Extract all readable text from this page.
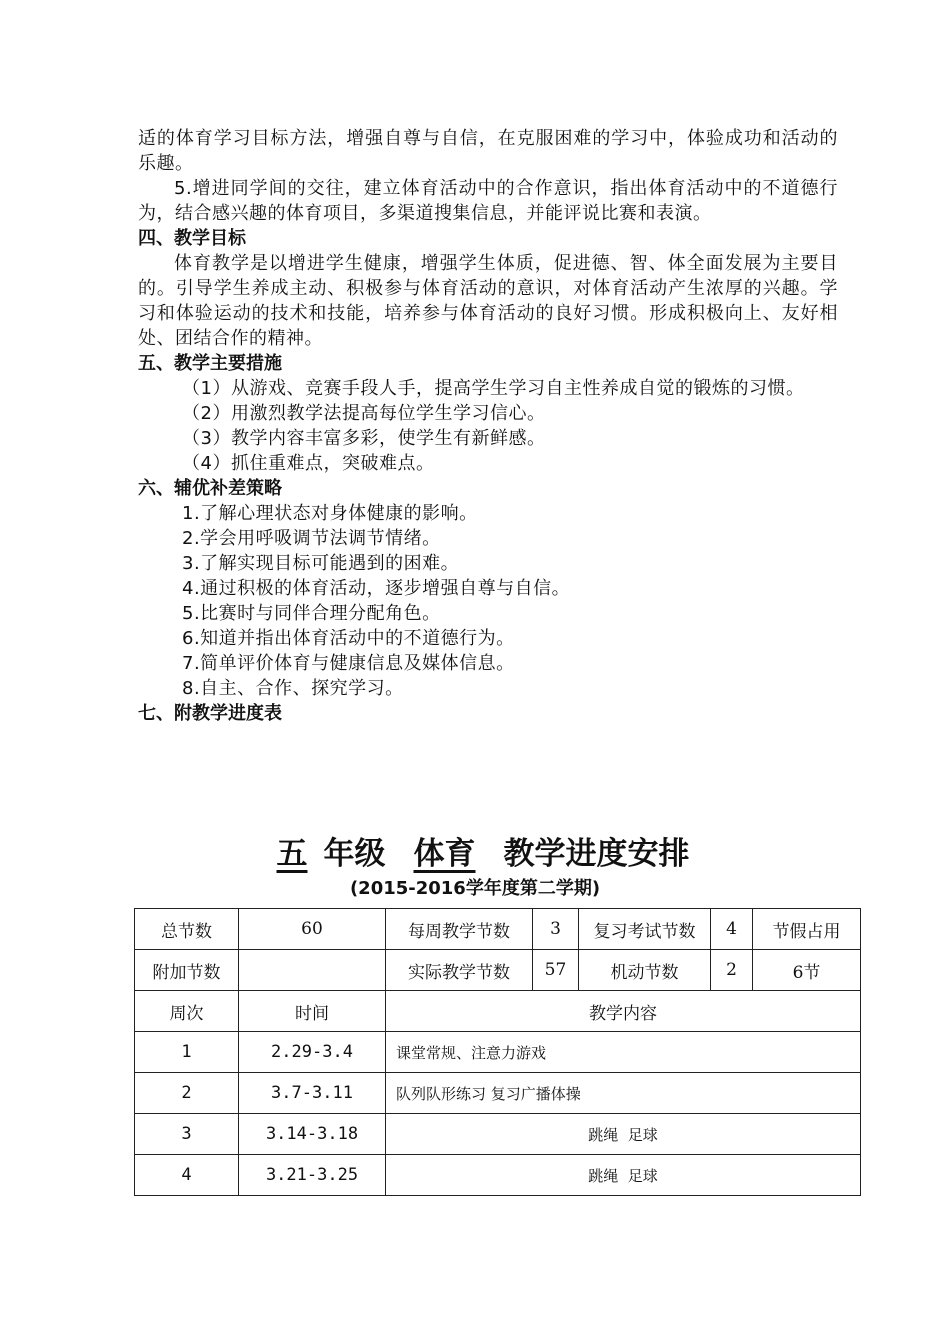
适的体育学习目标方法，增强自尊与自信，在克服困难的学习中，体验成功和活动的乐趣。

5.增进同学间的交往，建立体育活动中的合作意识，指出体育活动中的不道德行为，结合感兴趣的体育项目，多渠道搜集信息，并能评说比赛和表演。

四、教学目标

体育教学是以增进学生健康，增强学生体质，促进德、智、体全面发展为主要目的。引导学生养成主动、积极参与体育活动的意识，对体育活动产生浓厚的兴趣。学习和体验运动的技术和技能，培养参与体育活动的良好习惯。形成积极向上、友好相处、团结合作的精神。

五、教学主要措施

（1）从游戏、竞赛手段人手，提高学生学习自主性养成自觉的锻炼的习惯。

（2）用激烈教学法提高每位学生学习信心。

（3）教学内容丰富多彩，使学生有新鲜感。

（4）抓住重难点，突破难点。

六、辅优补差策略

1.了解心理状态对身体健康的影响。

2.学会用呼吸调节法调节情绪。

3.了解实现目标可能遇到的困难。

4.通过积极的体育活动，逐步增强自尊与自信。

5.比赛时与同伴合理分配角色。

6.知道并指出体育活动中的不道德行为。

7.简单评价体育与健康信息及媒体信息。

8.自主、合作、探究学习。

七、附教学进度表

五 年级 体育 教学进度安排
(2015-2016学年度第二学期)
总节数	60	每周教学节数	3	复习考试节数	4	节假占用
附加节数		实际教学节数	57	机动节数	2	6节
周次	时间	教学内容				
1	2.29-3.4	课堂常规、注意力游戏				
2	3.7-3.11	队列队形练习 复习广播体操				
3	3.14-3.18	跳绳  足球				
4	3.21-3.25	跳绳  足球				
